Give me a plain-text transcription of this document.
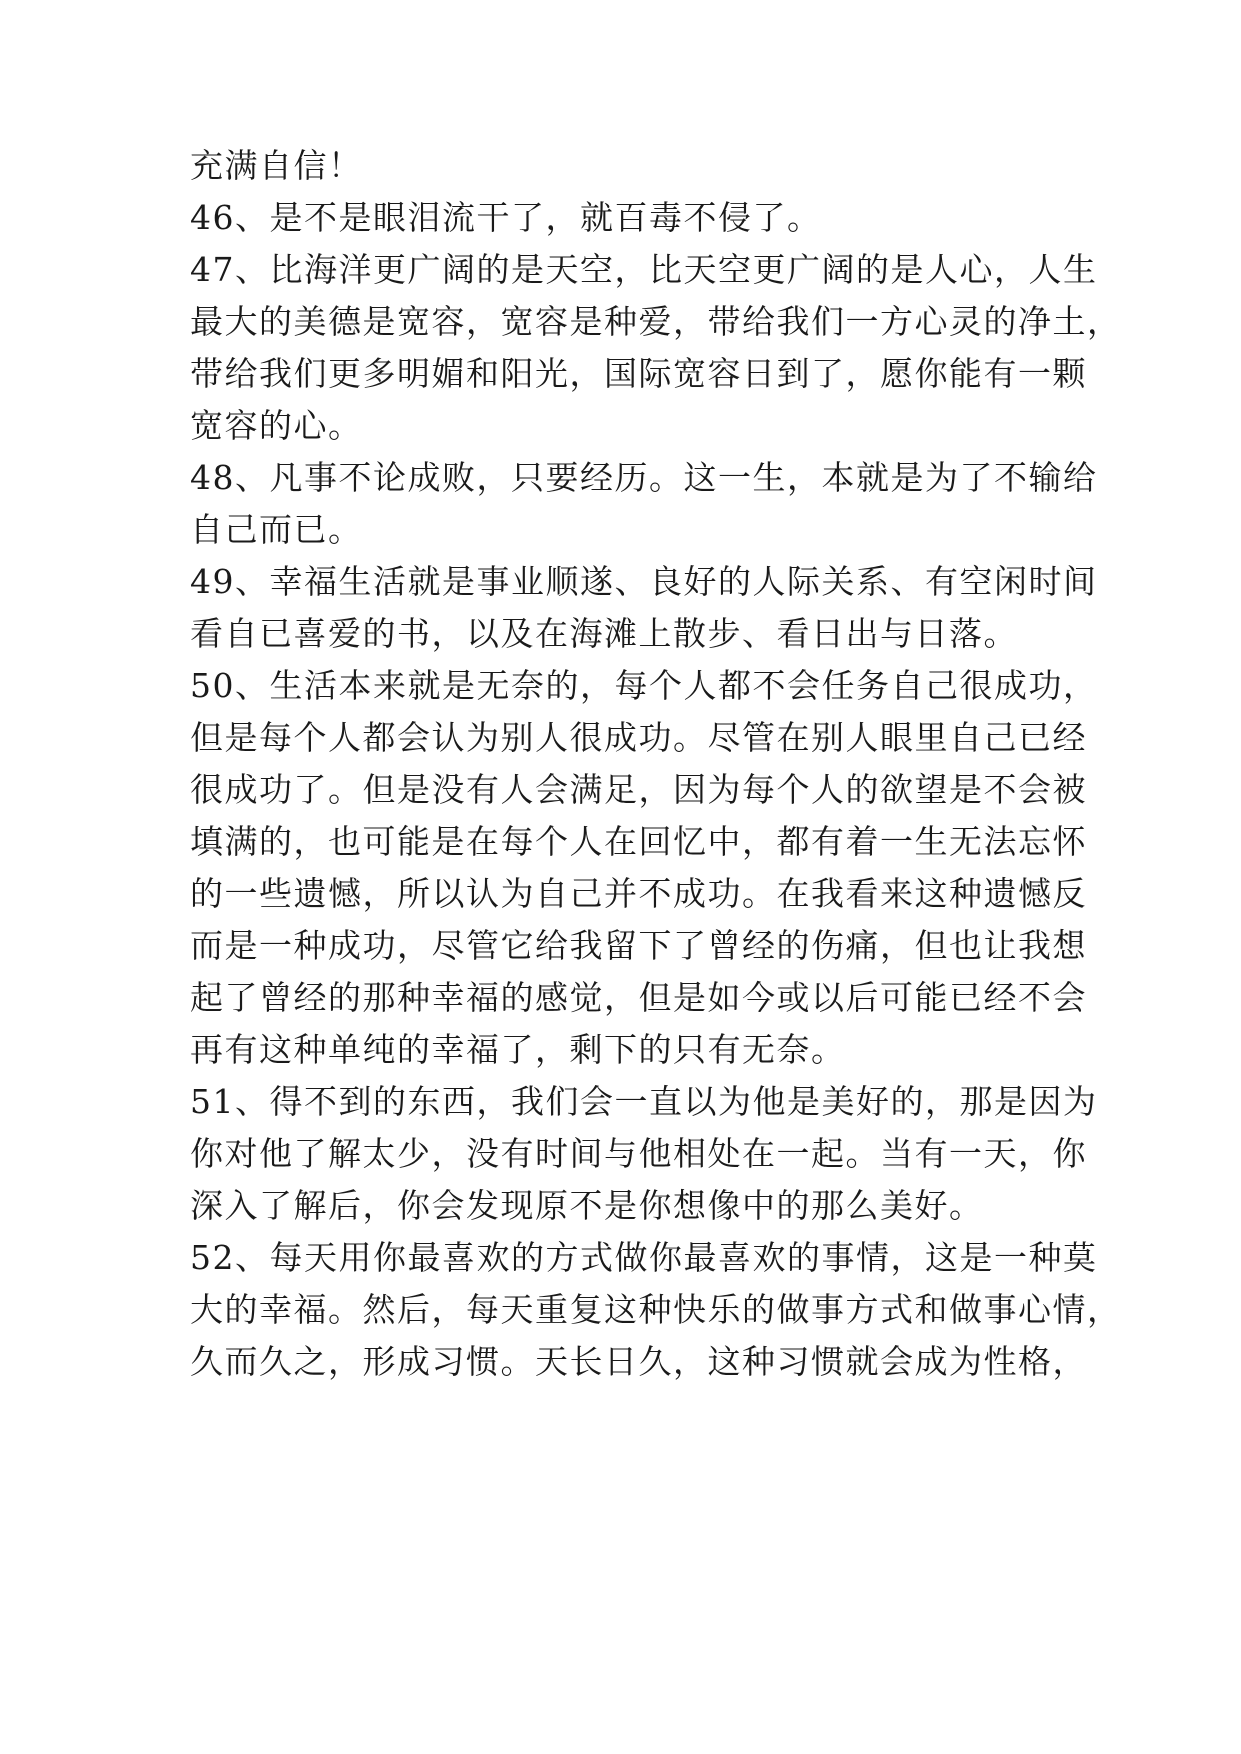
充满自信！
46、是不是眼泪流干了，就百毒不侵了。
47、比海洋更广阔的是天空，比天空更广阔的是人心，人生
最大的美德是宽容，宽容是种爱，带给我们一方心灵的净土，
带给我们更多明媚和阳光，国际宽容日到了，愿你能有一颗
宽容的心。
48、凡事不论成败，只要经历。这一生，本就是为了不输给
自己而已。
49、幸福生活就是事业顺遂、良好的人际关系、有空闲时间
看自已喜爱的书，以及在海滩上散步、看日出与日落。
50、生活本来就是无奈的，每个人都不会任务自己很成功，
但是每个人都会认为别人很成功。尽管在别人眼里自己已经
很成功了。但是没有人会满足，因为每个人的欲望是不会被
填满的，也可能是在每个人在回忆中，都有着一生无法忘怀
的一些遗憾，所以认为自己并不成功。在我看来这种遗憾反
而是一种成功，尽管它给我留下了曾经的伤痛，但也让我想
起了曾经的那种幸福的感觉，但是如今或以后可能已经不会
再有这种单纯的幸福了，剩下的只有无奈。
51、得不到的东西，我们会一直以为他是美好的，那是因为
你对他了解太少，没有时间与他相处在一起。当有一天，你
深入了解后，你会发现原不是你想像中的那么美好。
52、每天用你最喜欢的方式做你最喜欢的事情，这是一种莫
大的幸福。然后，每天重复这种快乐的做事方式和做事心情，
久而久之，形成习惯。天长日久，这种习惯就会成为性格，
